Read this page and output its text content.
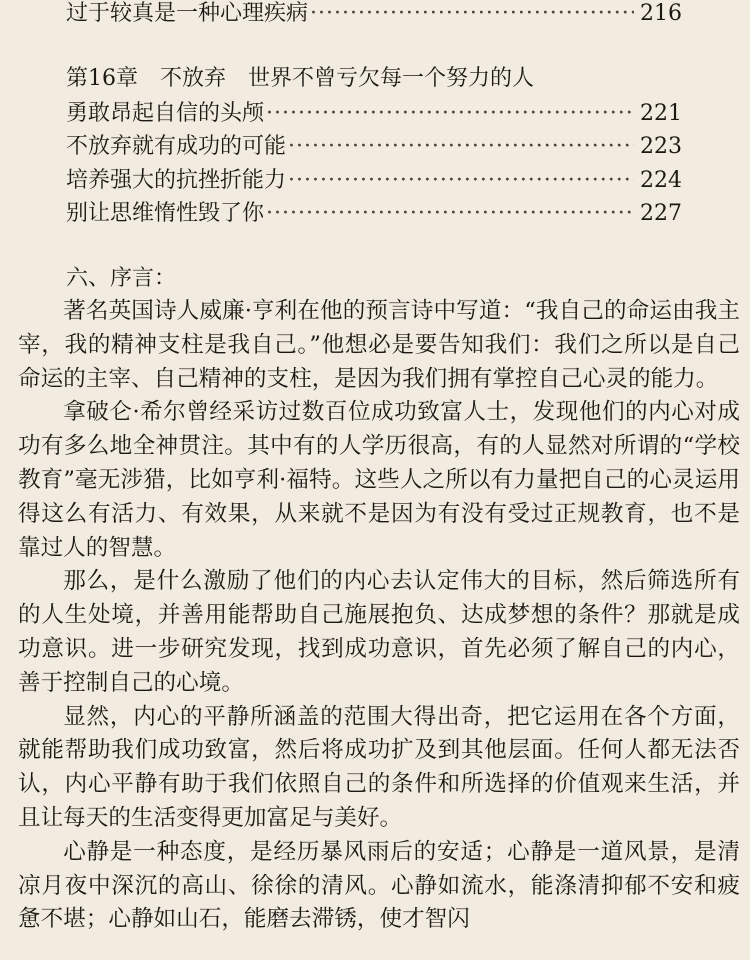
过于较真是一种心理疾病 ·····	216
第16章 不放弃 世界不曾亏欠每一个努力的人
勇敢昂起自信的头颅 ·····	221
不放弃就有成功的可能 ·····	223
培养强大的抗挫折能力 ·····	224
别让思维惰性毁了你 ·····	227
六、序言：

著名英国诗人威廉·亨利在他的预言诗中写道：“我自己的命运由我主宰，我的精神支柱是我自己。”他想必是要告知我们：我们之所以是自己命运的主宰、自己精神的支柱，是因为我们拥有掌控自己心灵的能力。

拿破仑·希尔曾经采访过数百位成功致富人士，发现他们的内心对成功有多么地全神贯注。其中有的人学历很高，有的人显然对所谓的“学校教育”毫无涉猎，比如亨利·福特。这些人之所以有力量把自己的心灵运用得这么有活力、有效果，从来就不是因为有没有受过正规教育，也不是靠过人的智慧。

那么，是什么激励了他们的内心去认定伟大的目标，然后筛选所有的人生处境，并善用能帮助自己施展抱负、达成梦想的条件？那就是成功意识。进一步研究发现，找到成功意识，首先必须了解自己的内心，善于控制自己的心境。

显然，内心的平静所涵盖的范围大得出奇，把它运用在各个方面，就能帮助我们成功致富，然后将成功扩及到其他层面。任何人都无法否认，内心平静有助于我们依照自己的条件和所选择的价值观来生活，并且让每天的生活变得更加富足与美好。

心静是一种态度，是经历暴风雨后的安适；心静是一道风景，是清凉月夜中深沉的高山、徐徐的清风。心静如流水，能涤清抑郁不安和疲惫不堪；心静如山石，能磨去滞锈，使才智闪
